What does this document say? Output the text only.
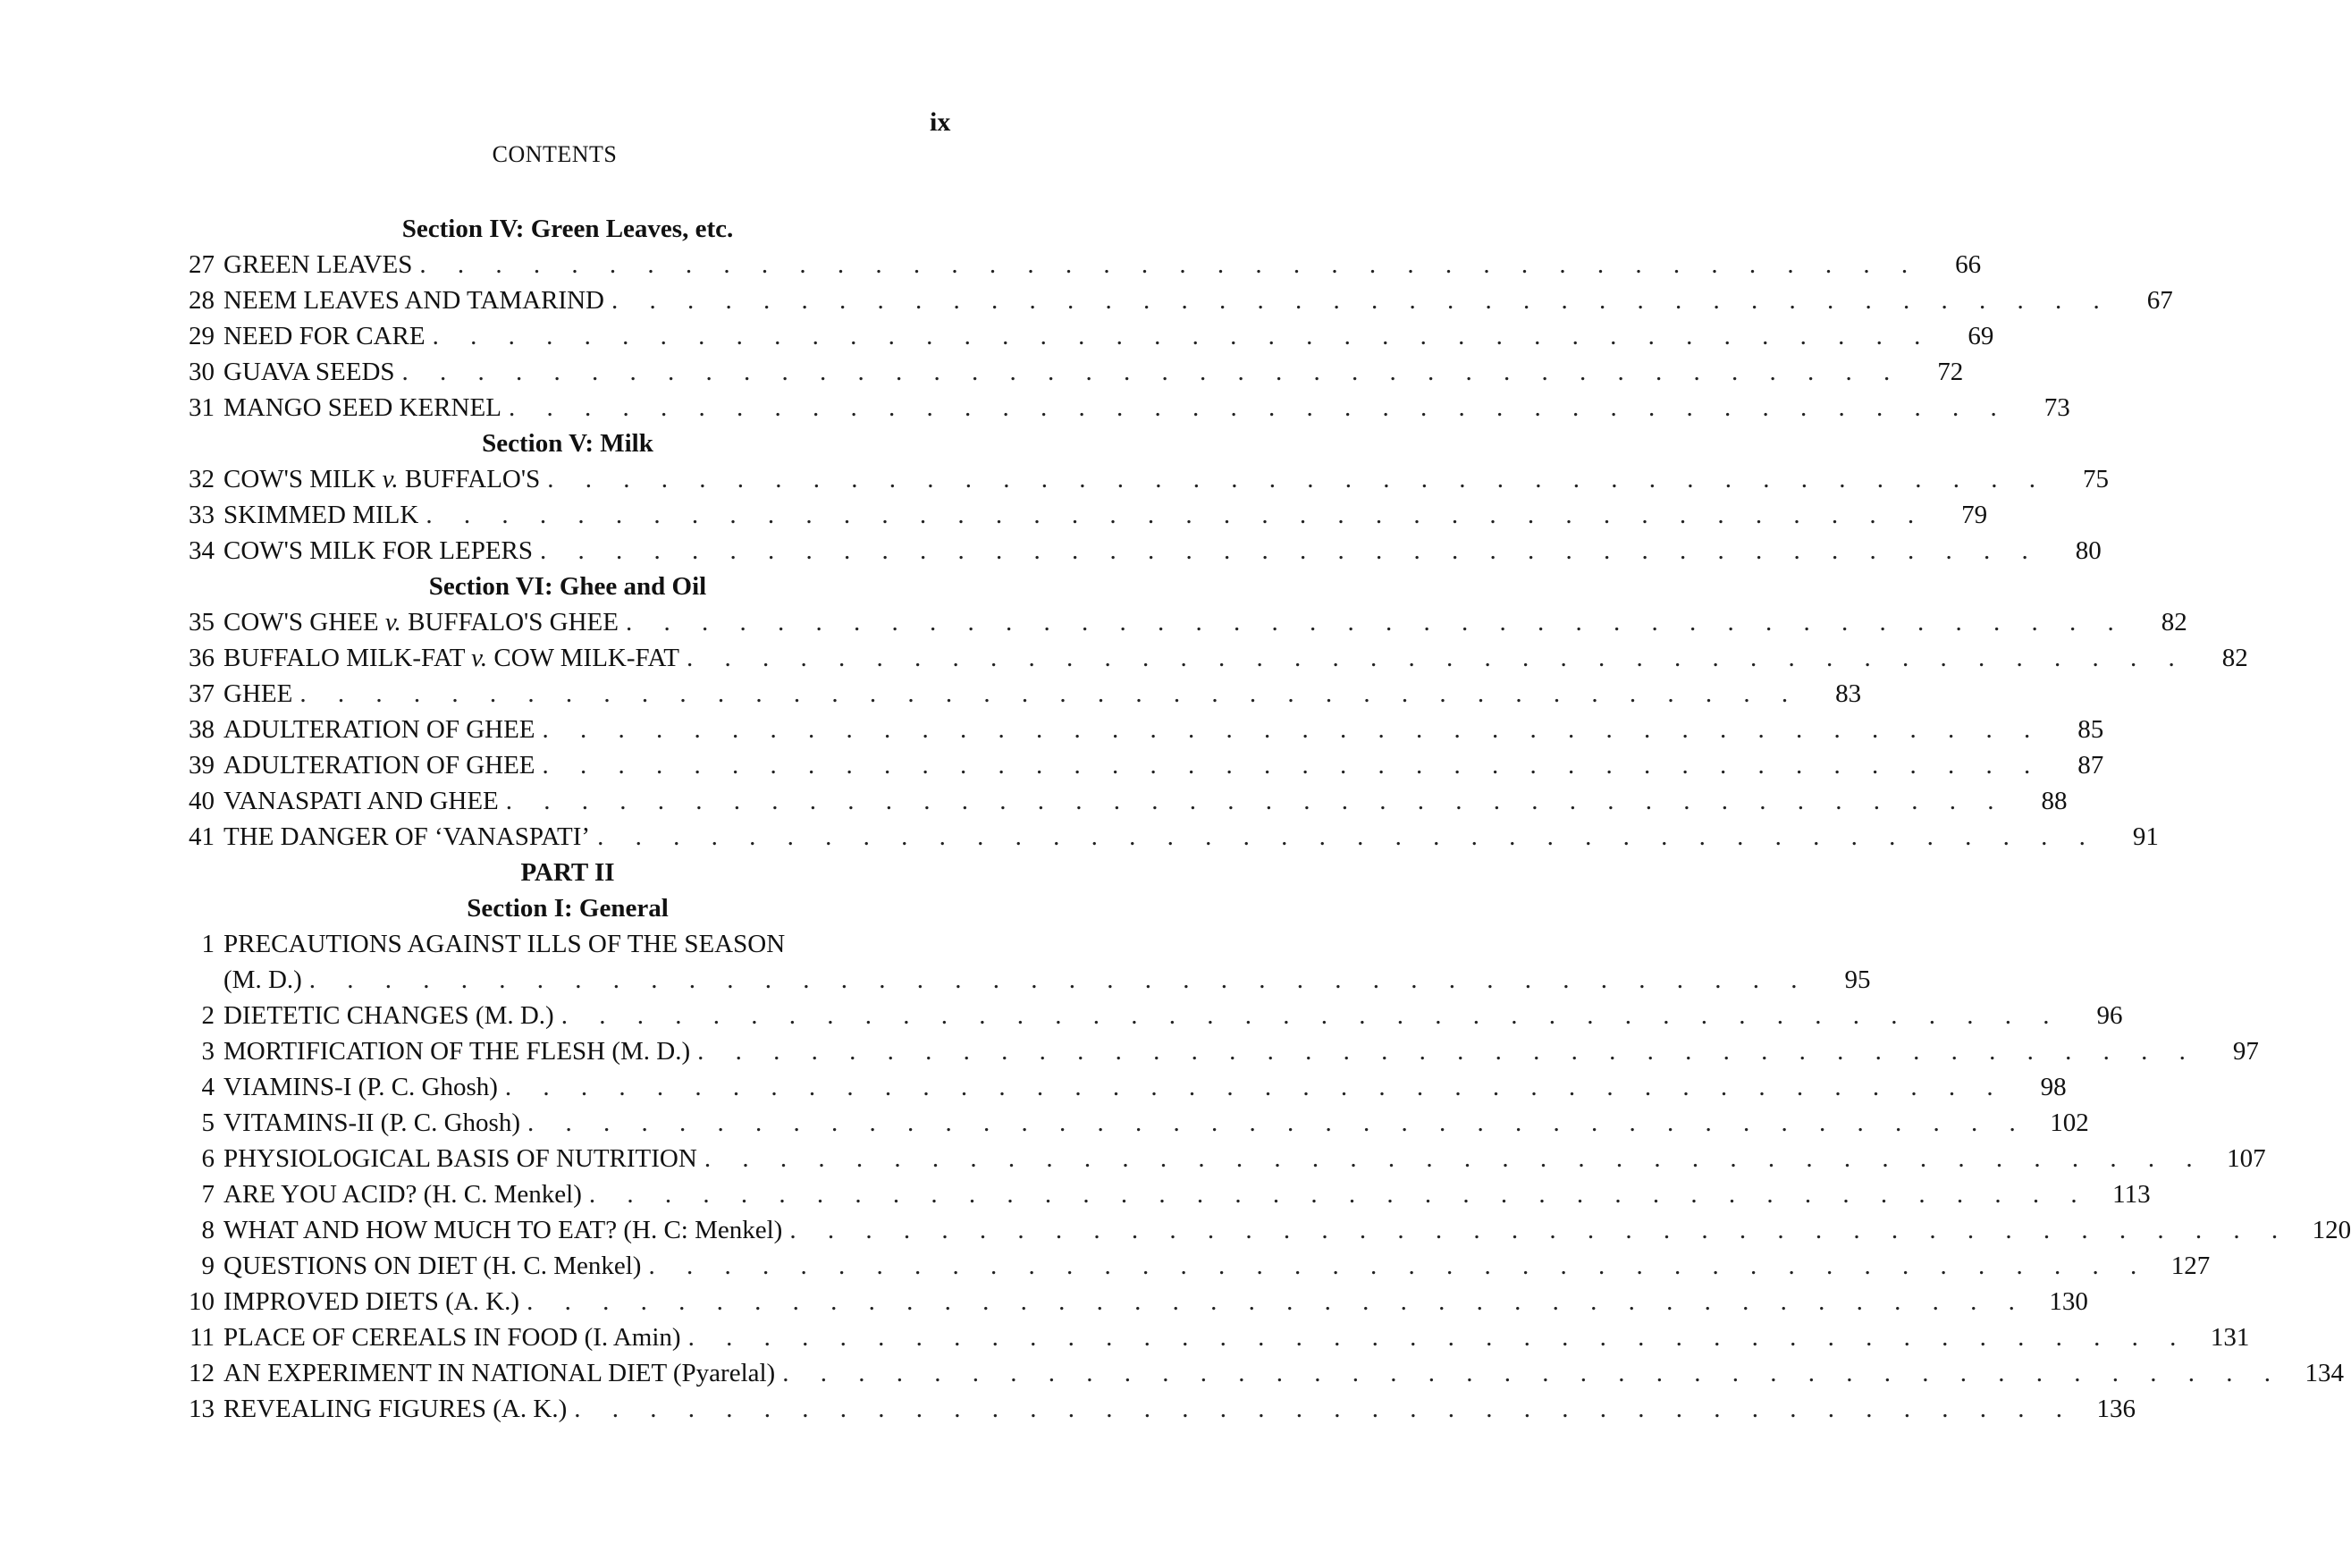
ix
CONTENTS
Section IV: Green Leaves, etc.
27 GREEN LEAVES . . . . . . . . . . . . . . . . . . . . . . . . . . . . . . . . . . . . . . . .	66
28 NEEM LEAVES AND TAMARIND . . . . . . . . . . . . . . . . . . . . . . . . . . . . . . . . . . . . . . . .	67
29 NEED FOR CARE . . . . . . . . . . . . . . . . . . . . . . . . . . . . . . . . . . . . . . . .	69
30 GUAVA SEEDS . . . . . . . . . . . . . . . . . . . . . . . . . . . . . . . . . . . . . . . .	72
31 MANGO SEED KERNEL . . . . . . . . . . . . . . . . . . . . . . . . . . . . . . . . . . . . . . . .	73
Section V: Milk
32 COW'S MILK v. BUFFALO'S . . . . . . . . . . . . . . . . . . . . . . . . . . . . . . . . . . . . . . . .	75
33 SKIMMED MILK . . . . . . . . . . . . . . . . . . . . . . . . . . . . . . . . . . . . . . . .	79
34 COW'S MILK FOR LEPERS . . . . . . . . . . . . . . . . . . . . . . . . . . . . . . . . . . . . . . . .	80
Section VI: Ghee and Oil
35 COW'S GHEE v. BUFFALO'S GHEE . . . . . . . . . . . . . . . . . . . . . . . . . . . . . . . . . . . . . . . .	82
36 BUFFALO MILK-FAT v. COW MILK-FAT . . . . . . . . . . . . . . . . . . . . . . . . . . . . . . . . . . . . . . . .	82
37 GHEE . . . . . . . . . . . . . . . . . . . . . . . . . . . . . . . . . . . . . . . .	83
38 ADULTERATION OF GHEE . . . . . . . . . . . . . . . . . . . . . . . . . . . . . . . . . . . . . . . .	85
39 ADULTERATION OF GHEE . . . . . . . . . . . . . . . . . . . . . . . . . . . . . . . . . . . . . . . .	87
40 VANASPATI AND GHEE . . . . . . . . . . . . . . . . . . . . . . . . . . . . . . . . . . . . . . . .	88
41 THE DANGER OF ‘VANASPATI’ . . . . . . . . . . . . . . . . . . . . . . . . . . . . . . . . . . . . . . . .	91
PART II
Section I: General
1 PRECAUTIONS AGAINST ILLS OF THE SEASON
(M. D.) . . . . . . . . . . . . . . . . . . . . . . . . . . . . . . . . . . . . . . . .	95
2 DIETETIC CHANGES (M. D.) . . . . . . . . . . . . . . . . . . . . . . . . . . . . . . . . . . . . . . . .	96
3 MORTIFICATION OF THE FLESH (M. D.) . . . . . . . . . . . . . . . . . . . . . . . . . . . . . . . . . . . . . . . .	97
4 VIAMINS-I (P. C. Ghosh) . . . . . . . . . . . . . . . . . . . . . . . . . . . . . . . . . . . . . . . .	98
5 VITAMINS-II (P. C. Ghosh) . . . . . . . . . . . . . . . . . . . . . . . . . . . . . . . . . . . . . . . . 102
6 PHYSIOLOGICAL BASIS OF NUTRITION . . . . . . . . . . . . . . . . . . . . . . . . . . . . . . . . . . . . . . . . 107
7 ARE YOU ACID? (H. C. Menkel) . . . . . . . . . . . . . . . . . . . . . . . . . . . . . . . . . . . . . . . . 113
8 WHAT AND HOW MUCH TO EAT? (H. C: Menkel) . . . . . . . . . . . . . . . . . . . . . . . . . . . . . . . . . . . . . . . . 120
9 QUESTIONS ON DIET (H. C. Menkel) . . . . . . . . . . . . . . . . . . . . . . . . . . . . . . . . . . . . . . . . 127
10 IMPROVED DIETS (A. K.) . . . . . . . . . . . . . . . . . . . . . . . . . . . . . . . . . . . . . . . . 130
11 PLACE OF CEREALS IN FOOD (I. Amin) . . . . . . . . . . . . . . . . . . . . . . . . . . . . . . . . . . . . . . . . 131
12 AN EXPERIMENT IN NATIONAL DIET (Pyarelal) . . . . . . . . . . . . . . . . . . . . . . . . . . . . . . . . . . . . . . . . 134
13 REVEALING FIGURES (A. K.) . . . . . . . . . . . . . . . . . . . . . . . . . . . . . . . . . . . . . . . . 136
